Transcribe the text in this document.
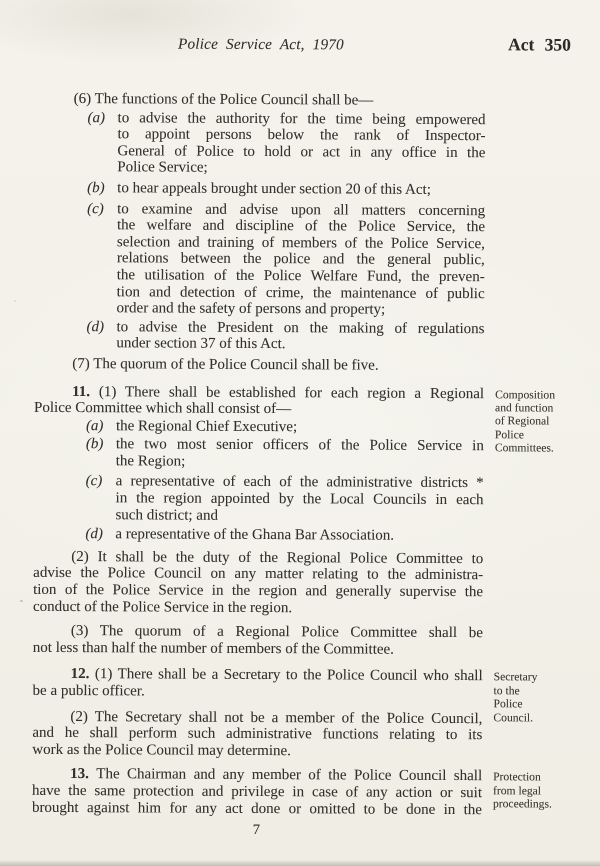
Police Service Act, 1970	Act 350
(6) The functions of the Police Council shall be—
(a) to advise the authority for the time being empowered
to appoint persons below the rank of Inspector-
General of Police to hold or act in any office in the
Police Service;
(b) to hear appeals brought under section 20 of this Act;
(c) to examine and advise upon all matters concerning
the welfare and discipline of the Police Service, the
selection and training of members of the Police Service,
relations between the police and the general public,
the utilisation of the Police Welfare Fund, the preven-
tion and detection of crime, the maintenance of public
order and the safety of persons and property;
(d) to advise the President on the making of regulations
under section 37 of this Act.
(7) The quorum of the Police Council shall be five.
11. (1) There shall be established for each region a Regional
Police Committee which shall consist of—
Composition
and function
of Regional
Police
Committees.
(a) the Regional Chief Executive;
(b) the two most senior officers of the Police Service in
the Region;
(c) a representative of each of the administrative districts *
in the region appointed by the Local Councils in each
such district; and
(d) a representative of the Ghana Bar Association.
(2) It shall be the duty of the Regional Police Committee to
advise the Police Council on any matter relating to the administra-
tion of the Police Service in the region and generally supervise the
conduct of the Police Service in the region.
(3) The quorum of a Regional Police Committee shall be
not less than half the number of members of the Committee.
12. (1) There shall be a Secretary to the Police Council who shall
be a public officer.
Secretary
to the
Police
Council.
(2) The Secretary shall not be a member of the Police Council,
and he shall perform such administrative functions relating to its
work as the Police Council may determine.
13. The Chairman and any member of the Police Council shall
have the same protection and privilege in case of any action or suit
brought against him for any act done or omitted to be done in the
Protection
from legal
proceedings.
7
